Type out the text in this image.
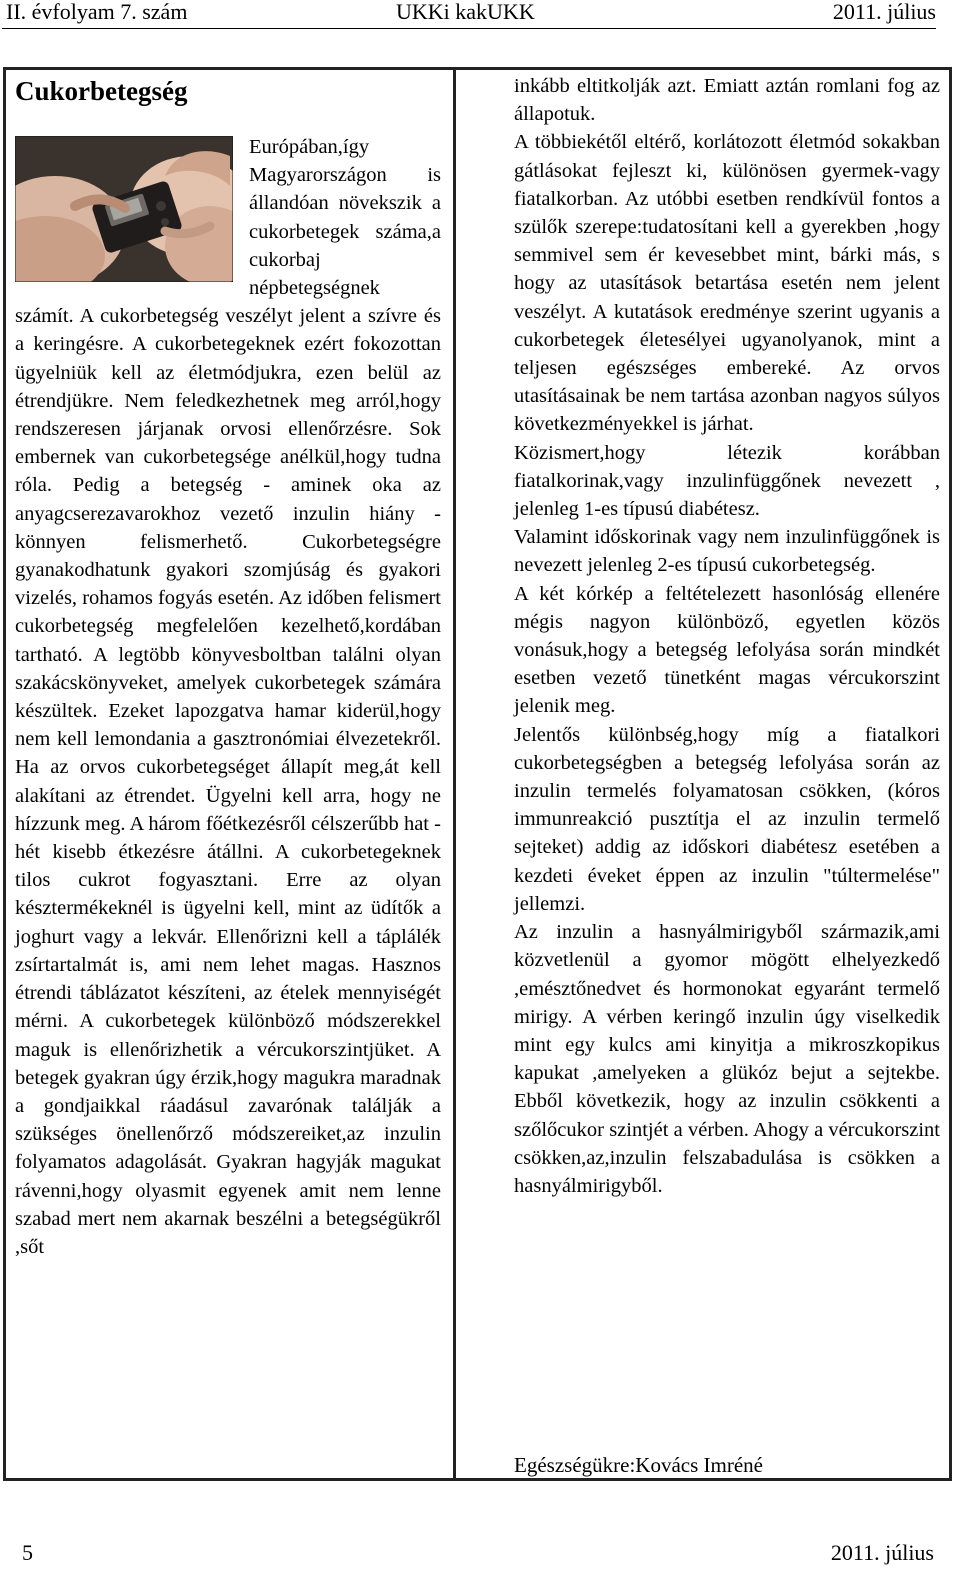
II. évfolyam 7. szám	UKKi kakUKK	2011. július
Cukorbetegség

Európában,így Magyarországon is állandóan növekszik a cukorbetegek száma,a cukorbaj népbetegségnek számít. A cukorbetegség veszélyt jelent a szívre és a keringésre. A cukorbetegeknek ezért fokozottan ügyelniük kell az életmódjukra, ezen belül az étrendjükre. Nem feledkezhetnek meg arról,hogy rendszeresen járjanak orvosi ellenőrzésre. Sok embernek van cukorbetegsége anélkül,hogy tudna róla. Pedig a betegség - aminek oka az anyagcserezavarokhoz vezető inzulin hiány - könnyen felismerhető. Cukorbetegségre gyanakodhatunk gyakori szomjúság és gyakori vizelés, rohamos fogyás esetén. Az időben felismert cukorbetegség megfelelően kezelhető,kordában tartható. A legtöbb könyvesboltban találni olyan szakácskönyveket, amelyek cukorbetegek számára készültek. Ezeket lapozgatva hamar kiderül,hogy nem kell lemondania a gasztronómiai élvezetekről. Ha az orvos cukorbetegséget állapít meg,át kell alakítani az étrendet. Ügyelni kell arra, hogy ne hízzunk meg. A három főétkezésről célszerűbb hat - hét kisebb étkezésre átállni. A cukorbetegeknek tilos cukrot fogyasztani. Erre az olyan késztermékeknél is ügyelni kell, mint az üdítők a joghurt vagy a lekvár. Ellenőrizni kell a táplálék zsírtartalmát is, ami nem lehet magas. Hasznos étrendi táblázatot készíteni, az ételek mennyiségét mérni. A cukorbetegek különböző módszerekkel maguk is ellenőrizhetik a vércukorszintjüket. A betegek gyakran úgy érzik,hogy magukra maradnak a gondjaikkal ráadásul zavarónak találják a szükséges önellenőrző módszereiket,az inzulin folyamatos adagolását. Gyakran hagyják magukat rávenni,hogy olyasmit egyenek amit nem lenne szabad mert nem akarnak beszélni a betegségükről ,sőt

inkább eltitkolják azt. Emiatt aztán romlani fog az állapotuk.

A többiekétől eltérő, korlátozott életmód sokakban gátlásokat fejleszt ki, különösen gyermek-vagy fiatalkorban. Az utóbbi esetben rendkívül fontos a szülők szerepe:tudatosítani kell a gyerekben ,hogy semmivel sem ér kevesebbet mint, bárki más, s hogy az utasítások betartása esetén nem jelent veszélyt. A kutatások eredménye szerint ugyanis a cukorbetegek életesélyei ugyanolyanok, mint a teljesen egészséges embereké. Az orvos utasításainak be nem tartása azonban nagyos súlyos következményekkel is járhat.

Közismert,hogy létezik korábban fiatalkorinak,vagy inzulinfüggőnek nevezett , jelenleg 1-es típusú diabétesz.

Valamint időskorinak vagy nem inzulinfüggőnek is nevezett jelenleg 2-es típusú cukorbetegség.

A két kórkép a feltételezett hasonlóság ellenére mégis nagyon különböző, egyetlen közös vonásuk,hogy a betegség lefolyása során mindkét esetben vezető tünetként magas vércukorszint jelenik meg.

Jelentős különbség,hogy míg a fiatalkori cukorbetegségben a betegség lefolyása során az inzulin termelés folyamatosan csökken, (kóros immunreakció pusztítja el az inzulin termelő sejteket) addig az időskori diabétesz esetében a kezdeti éveket éppen az inzulin "túltermelése" jellemzi.

Az inzulin a hasnyálmirigyből származik,ami közvetlenül a gyomor mögött elhelyezkedő ,emésztőnedvet és hormonokat egyaránt termelő mirigy. A vérben keringő inzulin úgy viselkedik mint egy kulcs ami kinyitja a mikroszkopikus kapukat ,amelyeken a glükóz bejut a sejtekbe. Ebből következik, hogy az inzulin csökkenti a szőlőcukor szintjét a vérben. Ahogy a vércukorszint csökken,az,inzulin felszabadulása is csökken a hasnyálmirigyből.

Egészségükre:Kovács Imréné

5	2011. július
